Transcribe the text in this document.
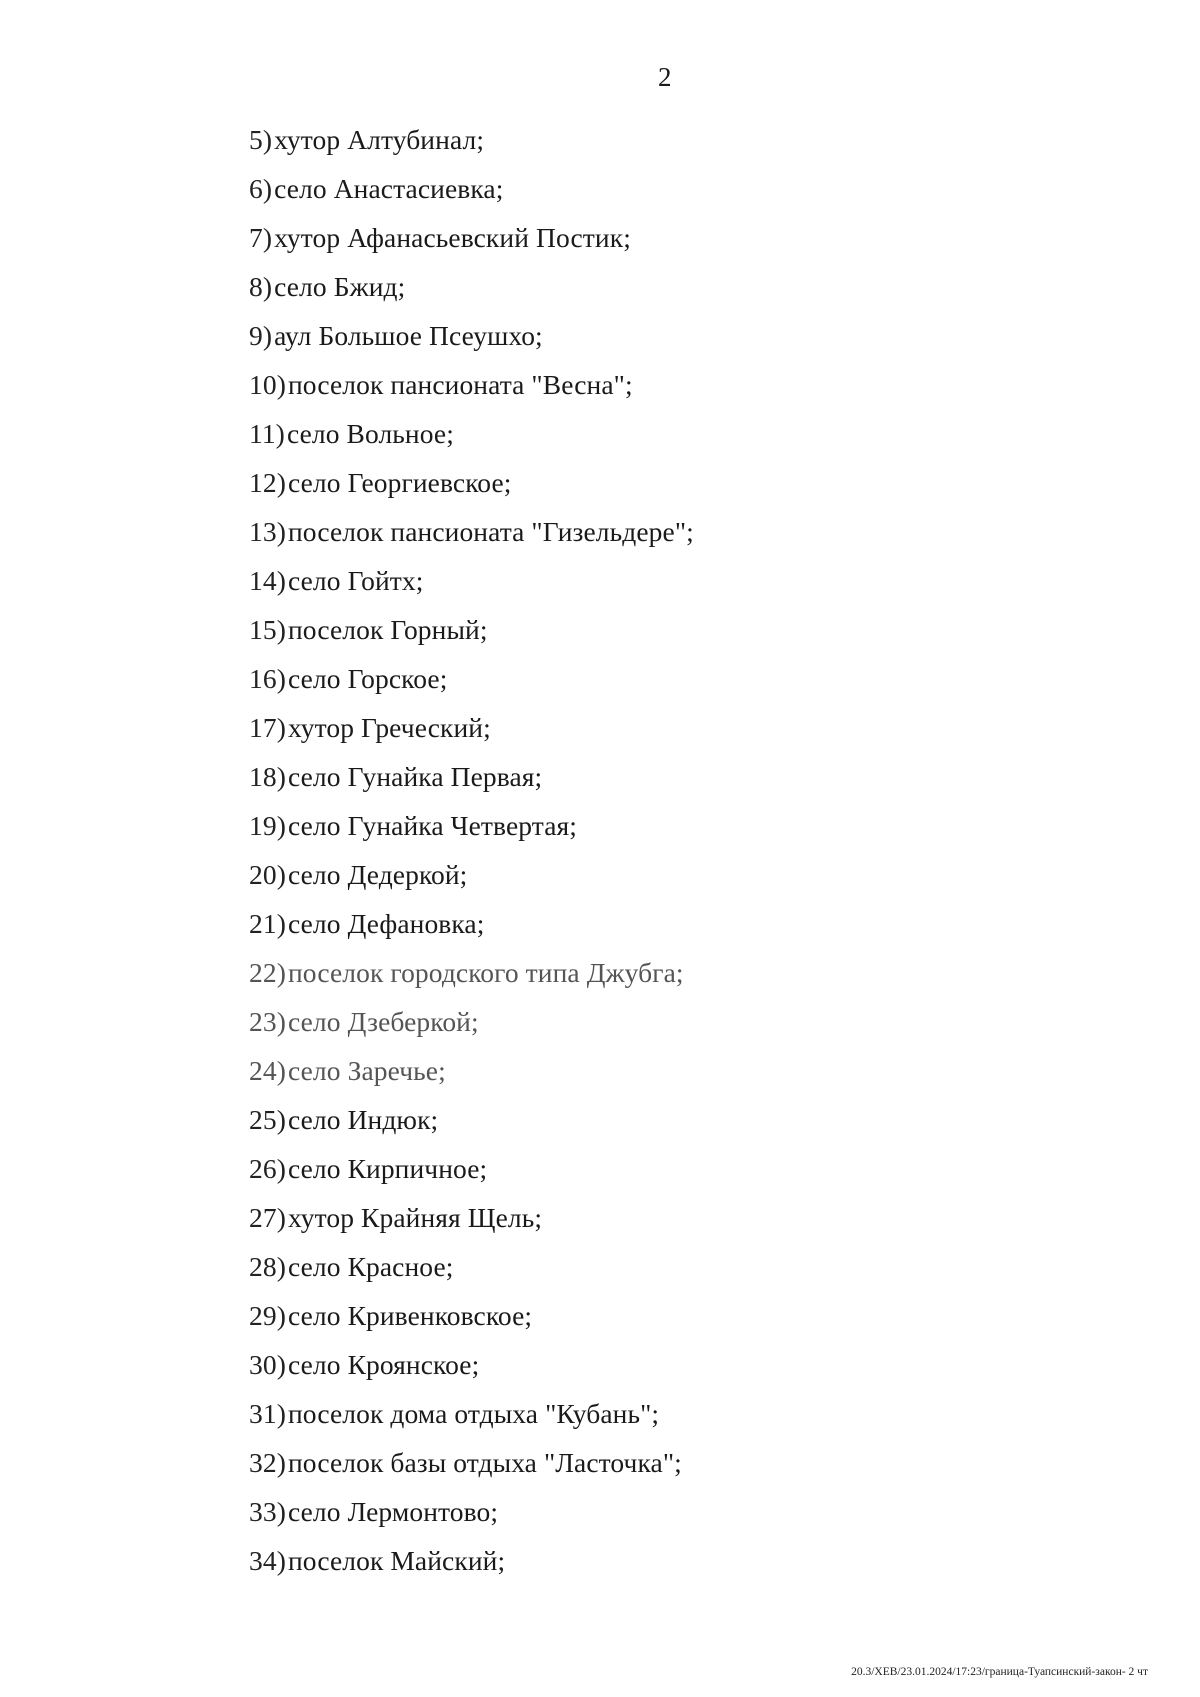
2
5)хутор Алтубинал;
6)село Анастасиевка;
7)хутор Афанасьевский Постик;
8)село Бжид;
9)аул Большое Псеушхо;
10)поселок пансионата "Весна";
11)село Вольное;
12)село Георгиевское;
13)поселок пансионата "Гизельдере";
14)село Гойтх;
15)поселок Горный;
16)село Горское;
17)хутор Греческий;
18)село Гунайка Первая;
19)село Гунайка Четвертая;
20)село Дедеркой;
21)село Дефановка;
22)поселок городского типа Джубга;
23)село Дзеберкой;
24)село Заречье;
25)село Индюк;
26)село Кирпичное;
27)хутор Крайняя Щель;
28)село Красное;
29)село Кривенковское;
30)село Кроянское;
31)поселок дома отдыха "Кубань";
32)поселок базы отдыха "Ласточка";
33)село Лермонтово;
34)поселок Майский;
20.3/ХЕВ/23.01.2024/17:23/граница-Туапсинский-закон- 2 чт
